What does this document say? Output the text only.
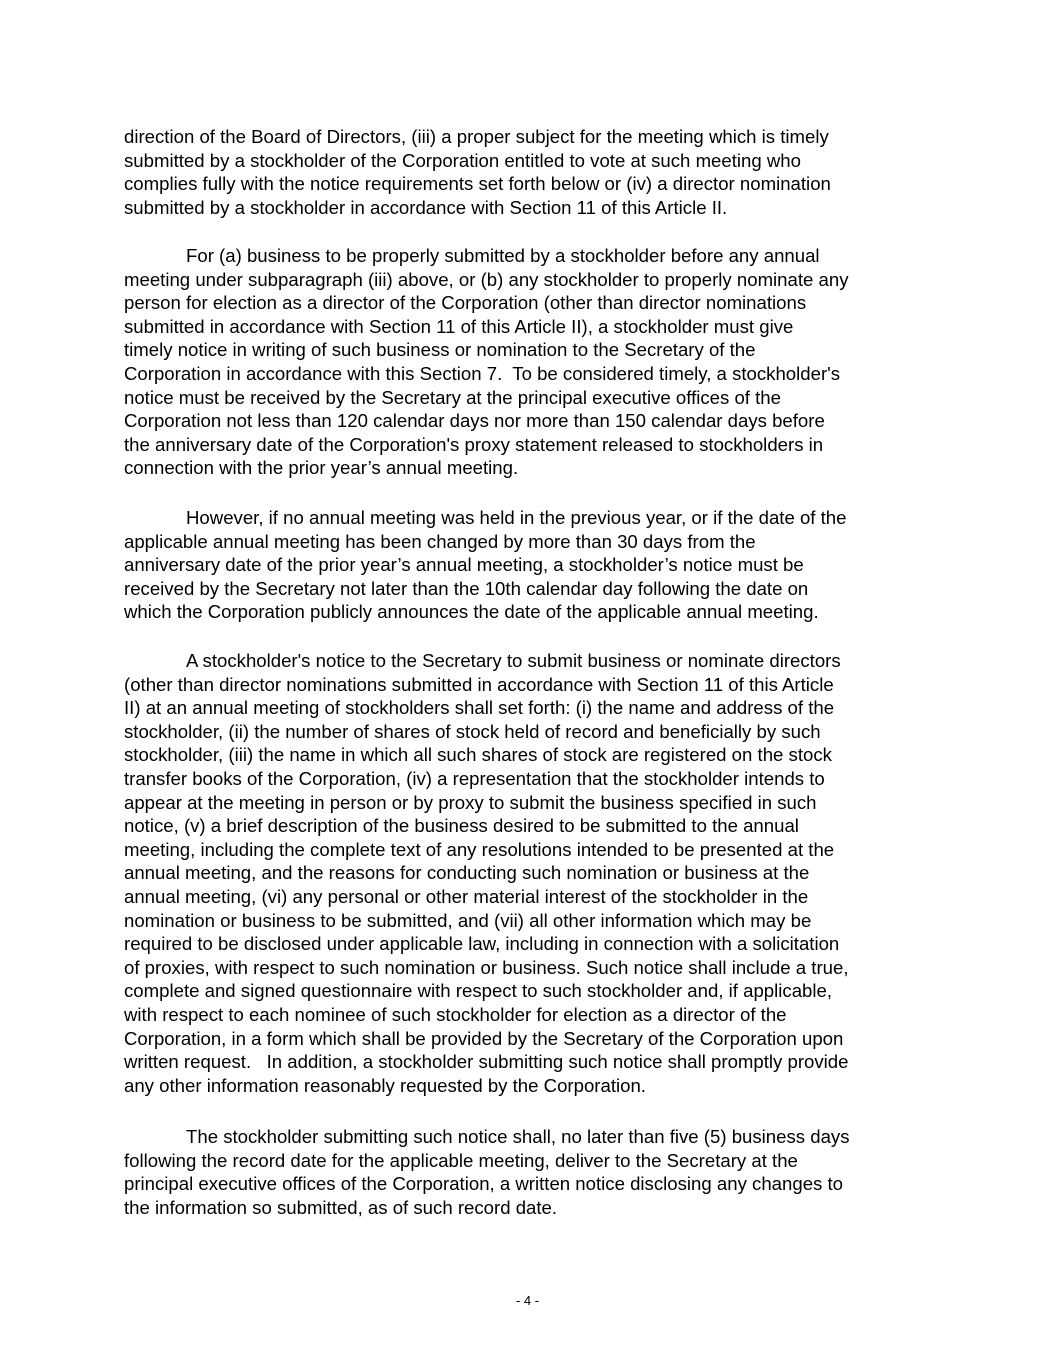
direction of the Board of Directors, (iii) a proper subject for the meeting which is timely
submitted by a stockholder of the Corporation entitled to vote at such meeting who
complies fully with the notice requirements set forth below or (iv) a director nomination
submitted by a stockholder in accordance with Section 11 of this Article II.
For (a) business to be properly submitted by a stockholder before any annual
meeting under subparagraph (iii) above, or (b) any stockholder to properly nominate any
person for election as a director of the Corporation (other than director nominations
submitted in accordance with Section 11 of this Article II), a stockholder must give
timely notice in writing of such business or nomination to the Secretary of the
Corporation in accordance with this Section 7.  To be considered timely, a stockholder's
notice must be received by the Secretary at the principal executive offices of the
Corporation not less than 120 calendar days nor more than 150 calendar days before
the anniversary date of the Corporation's proxy statement released to stockholders in
connection with the prior year’s annual meeting.
However, if no annual meeting was held in the previous year, or if the date of the
applicable annual meeting has been changed by more than 30 days from the
anniversary date of the prior year’s annual meeting, a stockholder’s notice must be
received by the Secretary not later than the 10th calendar day following the date on
which the Corporation publicly announces the date of the applicable annual meeting.
A stockholder's notice to the Secretary to submit business or nominate directors
(other than director nominations submitted in accordance with Section 11 of this Article
II) at an annual meeting of stockholders shall set forth: (i) the name and address of the
stockholder, (ii) the number of shares of stock held of record and beneficially by such
stockholder, (iii) the name in which all such shares of stock are registered on the stock
transfer books of the Corporation, (iv) a representation that the stockholder intends to
appear at the meeting in person or by proxy to submit the business specified in such
notice, (v) a brief description of the business desired to be submitted to the annual
meeting, including the complete text of any resolutions intended to be presented at the
annual meeting, and the reasons for conducting such nomination or business at the
annual meeting, (vi) any personal or other material interest of the stockholder in the
nomination or business to be submitted, and (vii) all other information which may be
required to be disclosed under applicable law, including in connection with a solicitation
of proxies, with respect to such nomination or business. Such notice shall include a true,
complete and signed questionnaire with respect to such stockholder and, if applicable,
with respect to each nominee of such stockholder for election as a director of the
Corporation, in a form which shall be provided by the Secretary of the Corporation upon
written request.   In addition, a stockholder submitting such notice shall promptly provide
any other information reasonably requested by the Corporation.
The stockholder submitting such notice shall, no later than five (5) business days
following the record date for the applicable meeting, deliver to the Secretary at the
principal executive offices of the Corporation, a written notice disclosing any changes to
the information so submitted, as of such record date.
- 4 -
